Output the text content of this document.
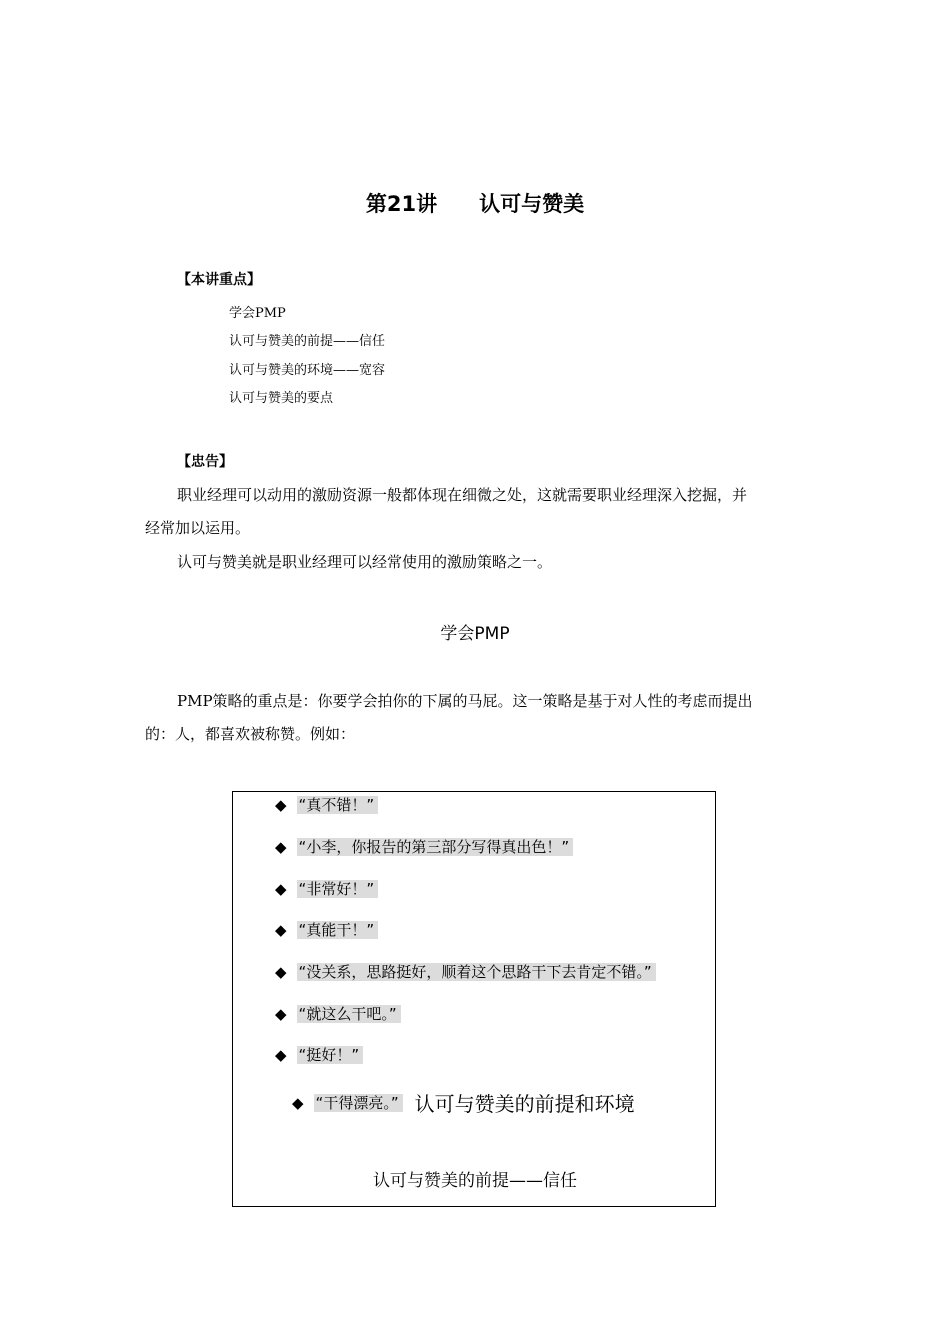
第21讲 认可与赞美
【本讲重点】
学会PMP
认可与赞美的前提——信任
认可与赞美的环境——宽容
认可与赞美的要点
【忠告】
职业经理可以动用的激励资源一般都体现在细微之处，这就需要职业经理深入挖掘，并
经常加以运用。
认可与赞美就是职业经理可以经常使用的激励策略之一。
学会PMP
PMP策略的重点是：你要学会拍你的下属的马屁。这一策略是基于对人性的考虑而提出
的：人，都喜欢被称赞。例如：
◆ “真不错！”
◆ “小李，你报告的第三部分写得真出色！”
◆ “非常好！”
◆ “真能干！”
◆ “没关系，思路挺好，顺着这个思路干下去肯定不错。”
◆ “就这么干吧。”
◆ “挺好！”
◆ “干得漂亮。” 认可与赞美的前提和环境
认可与赞美的前提——信任
